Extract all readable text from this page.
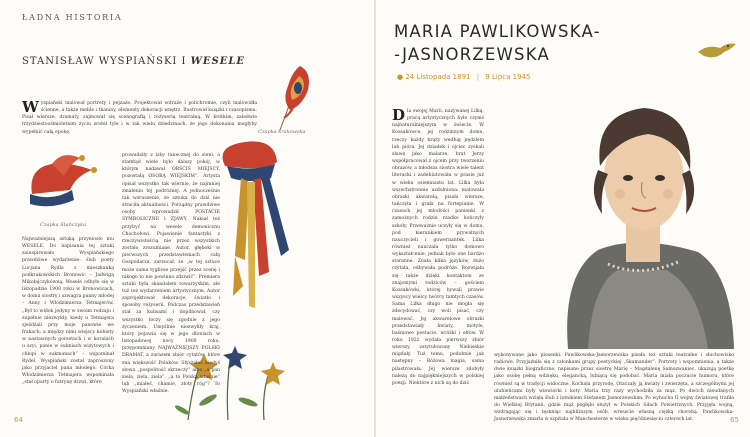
ŁADNA HISTORIA
STANISŁAW WYSPIAŃSKI I WESELE
Czapka krakowska
Czapka Stańczyka
Wyspiański malował portrety i pejzaże. Projektował witraże i polichromie, czyli malowidła ścienne, a także meble i tkaniny, elementy dekoracji wnętrz. Ilustrował książki i czasopisma. Pisał wiersze, dramaty, zajmował się scenografią i reżyserią teatralną. W krótkim, zaledwie trzydziestoośmioletnim życiu zrobił tyle i w tak wielu dziedzinach, że jego dokonania mogłyby wypełnić całą epokę.
Najważniejszą sztuką przyniosło mu WESELE. Do napisania tej sztuki zainspirowało Wyspiańskiego prawdziwe wydarzenie: ślub poety Lucjana Rydla z mieszkanką podkrakowskich Bronowic – Jadwigą Mikołajczykówną. Wesele odbyło się w listopadzie 1900 roku w Bronowicach, w domu siostry i szwagra panny młodej – Anny i Włodzimierza Tetmajerów. „Był to widok jedyny w swoim rodzaju i zupełnie niezwykły, kiedy u Tetmajera zjeżdżali przy moje panowie we frakach, a między nimi wiejscy kobiety w nastawnych gorsetach i w koralach u szyi, panie w sukniach wizytowych i chłopi w sukmanach” – wspominał Rydel. Wyspiański został zaproszony jako przyjaciel pana młodego. Córka Włodzimierza Tetmajera wspominała „stał oparty o futrynę drzwi, które
prowadziły z izby tanecznej do sieni, a stamtąd wiele było dalszy pokój, w którym nadawał OBSCIS MIEJSCY, pozostałą OSOBĄ WIEJSKIM”. Artysta opisał wszystko tak wiernie, że najmniej zmaleniu tej podróżnej. A jednocześnie tak wzruszenie, że sztuka do dziś nie straciła aktualności. Porządny prawdziwe osoby wprowadził POSTACIE SYMBOLICZNE i ZJAWY. Nakiał też przybyć na wesele demonicznu Chochołowi. Pojawienie fantastyki z rzeczywistością nie przez wszystkich zostało zrozumiane. Autor, głęboki w pierwszych przedstawieniach całą Gospodarza, zarzucał, że „w tej sztuce może sama tyglivse przejść przez scenę i nikogo to nie powinno zdziwić”. Premiera sztuki była skandalem towarzyskim, ale tuż też wydarzeniem artystycznym. Autor zaprojektował dekoracje, światło i sposoby reżyserii. Podczas przedstawień stał za kulisami i dopilnował, czy wszystko toczy się zgodnie z jego życzeniem. Umyślnie niezwykły kraj, który pojawia się w jego dłoniach w listopadowej nocy 1900 roku, przypomniany NAJWAŻNIEJSZY POLSKI DRAMAT, a zarazem zbiór cytatów, które zna większość Polaków. Słyszałeś kiedyś słowa „pospolitość skrzeczy” albo „a pan ziela, ziela, ziela”, „a to Polska właśnie” lub „miałeś, chamie, złoty róg”? To Wyspiański właśnie.
64
MARIA PAWLIKOWSKA-
-JASNORZEWSKA
● 24 Listopada 1891 | 9 Lipca 1945
Dla swojej Marii, nazywanej Lilką, pracą artystycznych było czymś najnaturalniejszym w świecie. W Kossakówce, jej rodzinnym domu, rzeczy każdy krąży według pędzlem lub pióra. Jej dziadek i ojciec zyskali sławę jako malarze, brat Jerzy współpracował z ojcem przy tworzeniu obrazów, a młodsza siostra wiele talent literacki i zadebiutowała w prasie już w wieku osiemnastu lat. Lilka była wszechstronnie uzdolniona: malowała obrazki akwarelą, pisała wiersze, tańczyła i grała na fortepianie. W czasach jej młodości panienki z zamożnych rodzin rzadko kończyły szkoły. Przeważnie uczyły się w domu, pod kierunkiem prywatnych nauczycieli i guwernantek. Lilka również nauczała tylko domowo wykształcenie, jednak było one bardzo staranne. Znała kilka języków, dużo czytała, odbywała podróże. Rozwijała się także dzięki kontaktom ze znajomymi rodziców – gościem Kossakówki, której bywali prawie wszyscy wielcy twórcy tamtych czasów. Sama Lilka długo nie mogła się zdecydować, czy woli pisać, czy malować. Jej akwarelowe obrazki przedstawiały kwiaty, motyle, baśniowe postacie, wróżki i elfów. W roku 1922 wydała pierwszy zbiór wierszy, zatytułowany Niebieskie migdały. Tuż temu, podobnie jak następny – Różowa magia, sama pilastrowała. Jej wiersze zdobyły należą do najpiękniejszych w polskiej poezji. Niektóre z nich są do dziś
wykonywane jako piosenki. Pawlikowska-Jasnorzewska pisała też sztuki teatralne i słuchowisko radiowe. Przyjaźniła się z członkami grupy poetyckiej „Skamander”. Portrety i wspomnienia, a także dwie książki biograficzne, napisane przez siostrę Marię – Magdalenę Samozwaniec, ukazują poetkę jako osobę pełną wdzięku, elegancką, lubiącą się podobać. Maria miała poczucie humoru, które również są w tradycji widoczne. Kochała przyrodę. Otaczały ją kwiaty i zwierzęta, a szczególnymi jej ulubieńcami były wiewiórki i koty. Maria trzy razy wychodziła za mąż. Po dwóch nieudanych małżeństwach wzięła ślub z lotnikiem Stefanem Jasnorzewskim. Po wybuchu II wojny światowej trafiła do Wielkiej Brytanii, gdzie mąż pogłębi służył w Polskich Siłach Powietrznych. Przyjęła wojną, wzdragając się i tęskniąc najbliższym osób, wreszcie własną ciężką chorobą. Pawlikowska-Jasnorzewska zmarła w szpitalu w Manchesterze w wieku pięćdziesięciu czterech lat.	65
